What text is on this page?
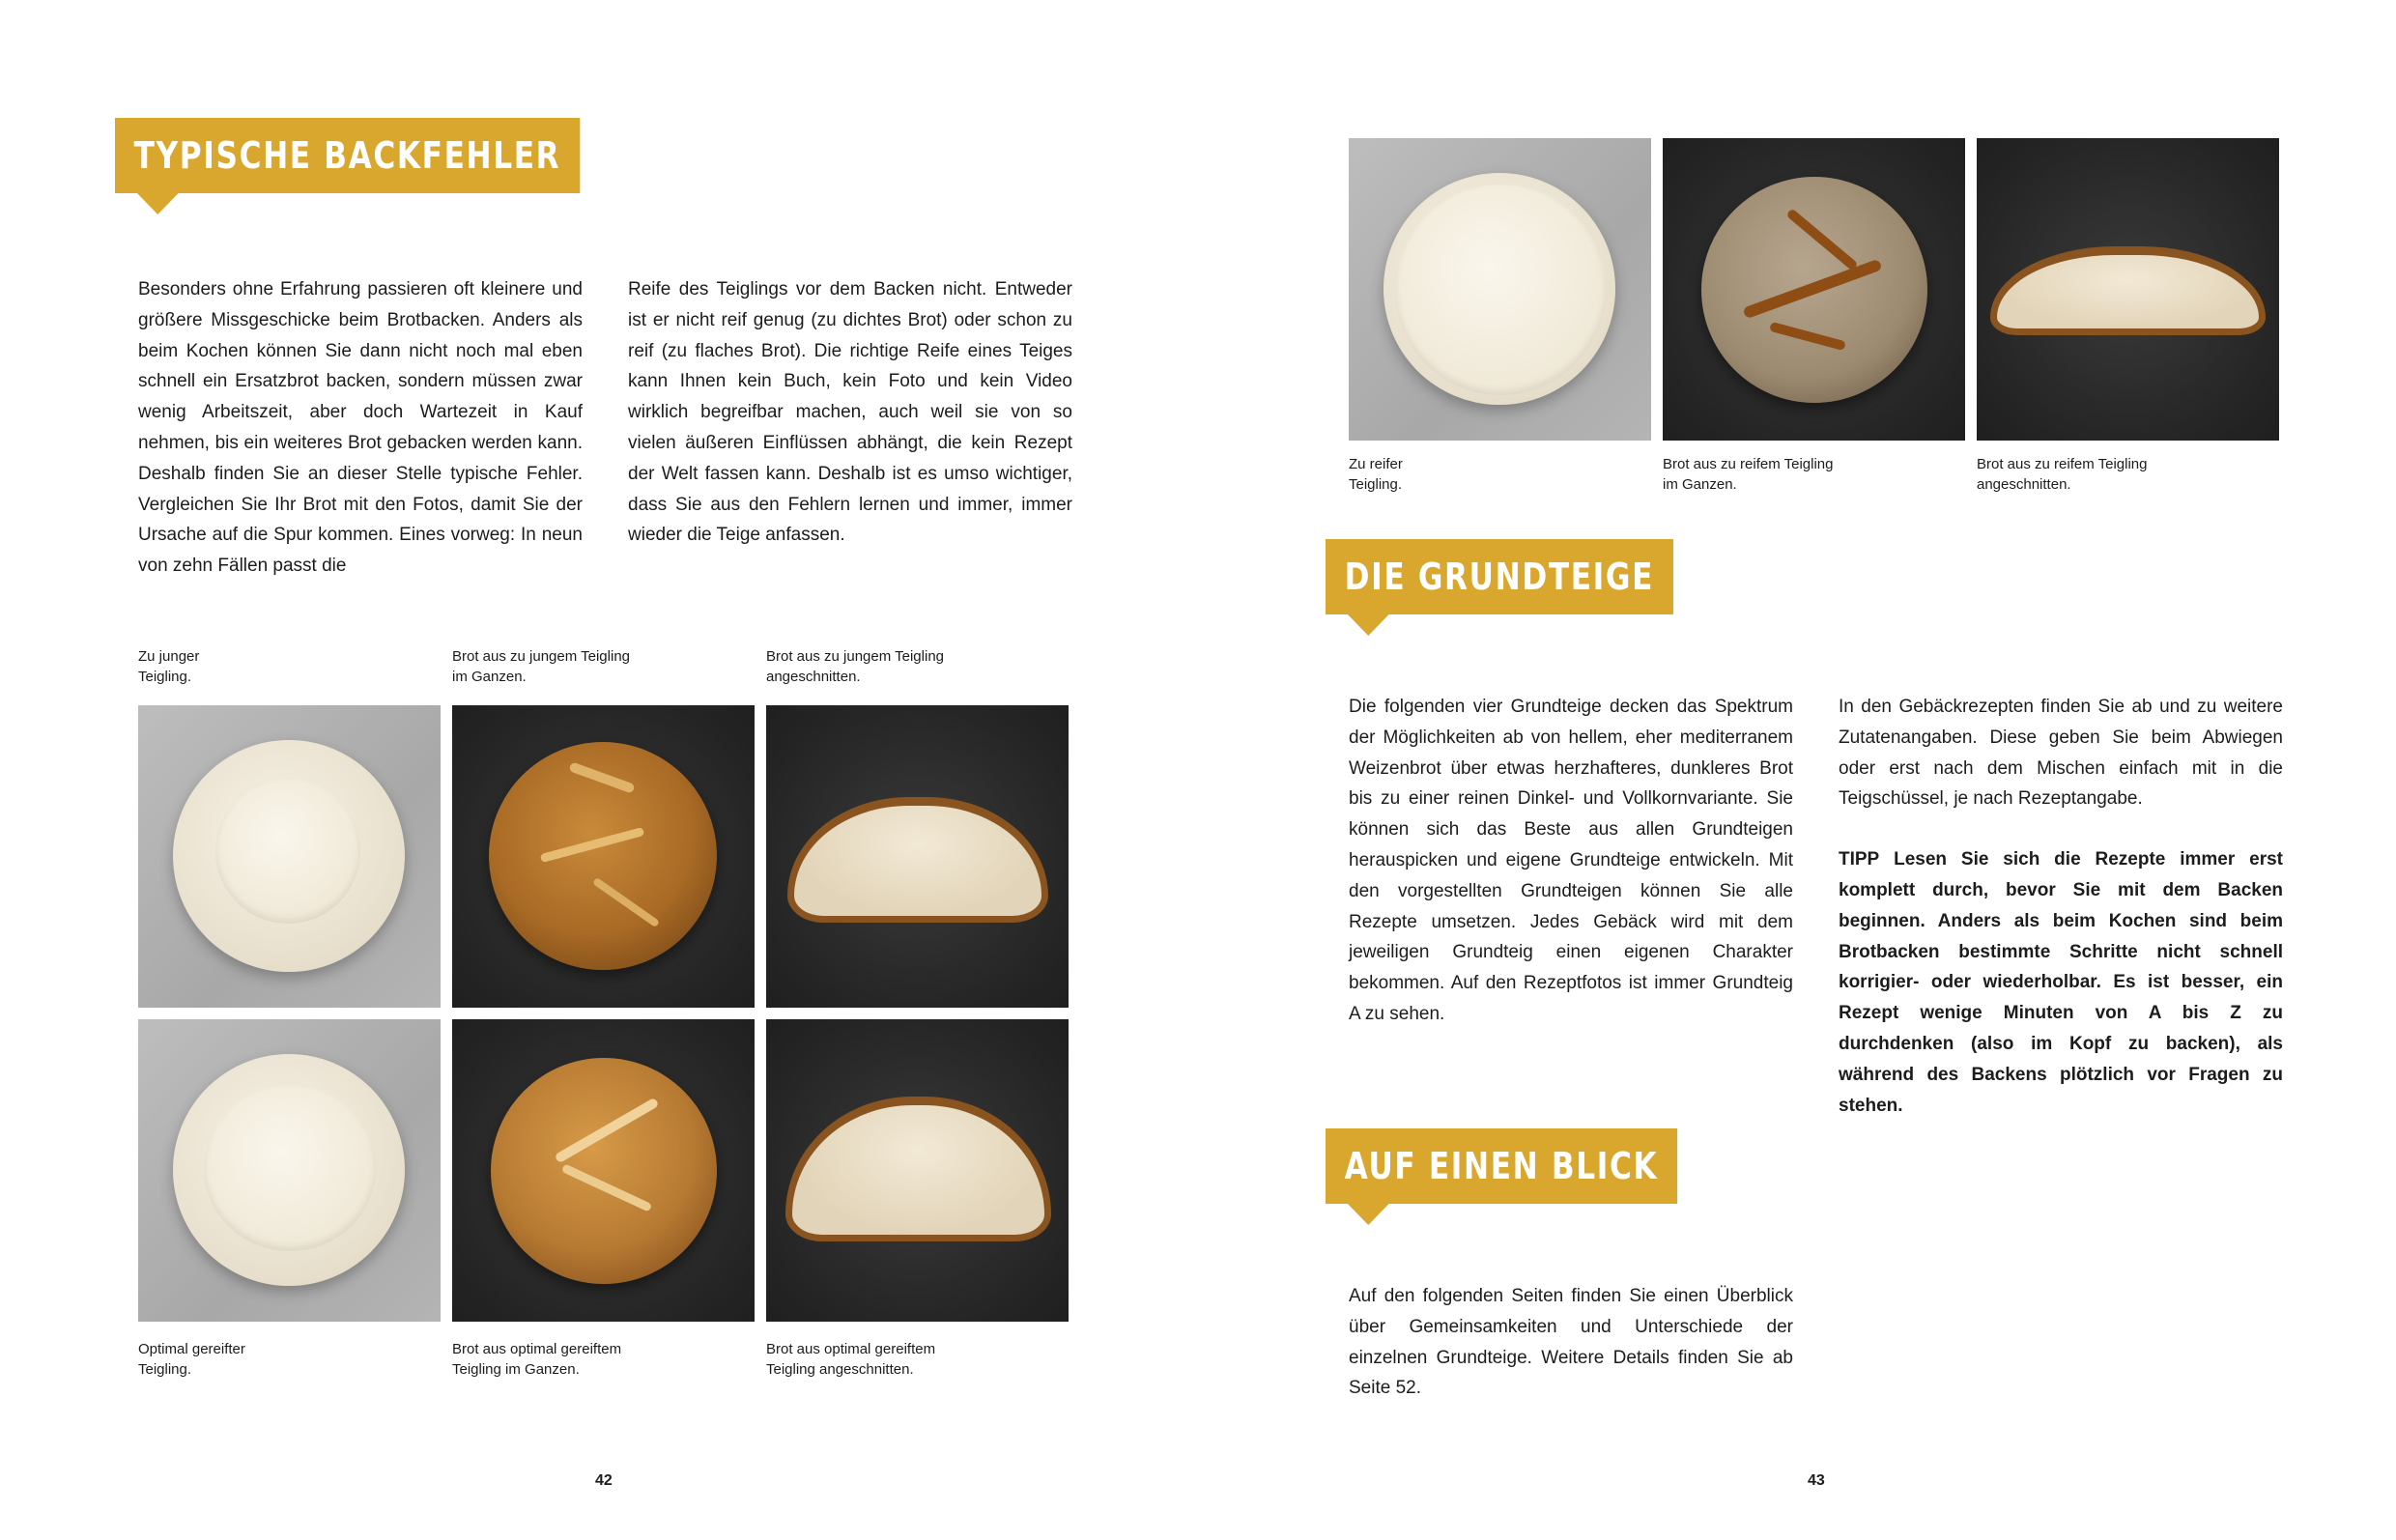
TYPISCHE BACKFEHLER

Besonders ohne Erfahrung passieren oft kleinere und größere Missgeschicke beim Brotbacken. Anders als beim Kochen können Sie dann nicht noch mal eben schnell ein Ersatzbrot backen, sondern müssen zwar wenig Arbeitszeit, aber doch Wartezeit in Kauf nehmen, bis ein weiteres Brot gebacken werden kann. Deshalb finden Sie an dieser Stelle typische Fehler. Vergleichen Sie Ihr Brot mit den Fotos, damit Sie der Ursache auf die Spur kommen. Eines vorweg: In neun von zehn Fällen passt die

Reife des Teiglings vor dem Backen nicht. Entweder ist er nicht reif genug (zu dichtes Brot) oder schon zu reif (zu flaches Brot). Die richtige Reife eines Teiges kann Ihnen kein Buch, kein Foto und kein Video wirklich begreifbar machen, auch weil sie von so vielen äußeren Einflüssen abhängt, die kein Rezept der Welt fassen kann. Deshalb ist es umso wichtiger, dass Sie aus den Fehlern lernen und immer, immer wieder die Teige anfassen.

Zu junger
Teigling.
Brot aus zu jungem Teigling
im Ganzen.
Brot aus zu jungem Teigling
angeschnitten.
Optimal gereifter
Teigling.
Brot aus optimal gereiftem
Teigling im Ganzen.
Brot aus optimal gereiftem
Teigling angeschnitten.
42
Zu reifer
Teigling.
Brot aus zu reifem Teigling
im Ganzen.
Brot aus zu reifem Teigling
angeschnitten.
DIE GRUNDTEIGE

Die folgenden vier Grundteige decken das Spektrum der Möglichkeiten ab von hellem, eher mediterranem Weizenbrot über etwas herzhafteres, dunkleres Brot bis zu einer reinen Dinkel- und Vollkornvariante. Sie können sich das Beste aus allen Grundteigen herauspicken und eigene Grundteige entwickeln. Mit den vorgestellten Grundteigen können Sie alle Rezepte umsetzen. Jedes Gebäck wird mit dem jeweiligen Grundteig einen eigenen Charakter bekommen. Auf den Rezeptfotos ist immer Grundteig A zu sehen.

In den Gebäckrezepten finden Sie ab und zu weitere Zutatenangaben. Diese geben Sie beim Abwiegen oder erst nach dem Mischen einfach mit in die Teigschüssel, je nach Rezeptangabe.

TIPP Lesen Sie sich die Rezepte immer erst komplett durch, bevor Sie mit dem Backen beginnen. Anders als beim Kochen sind beim Brotbacken bestimmte Schritte nicht schnell korrigier- oder wiederholbar. Es ist besser, ein Rezept wenige Minuten von A bis Z zu durchdenken (also im Kopf zu backen), als während des Backens plötzlich vor Fragen zu stehen.

AUF EINEN BLICK

Auf den folgenden Seiten finden Sie einen Überblick über Gemeinsamkeiten und Unterschiede der einzelnen Grundteige. Weitere Details finden Sie ab Seite 52.

43
